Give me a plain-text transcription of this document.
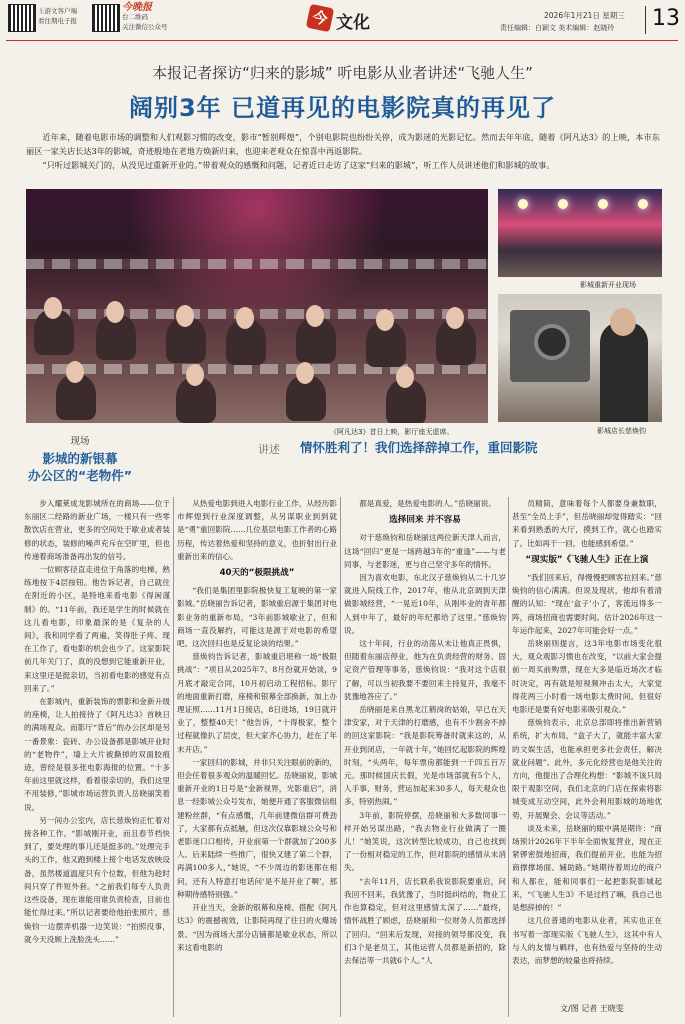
上游文客户端
看往期电子报
今晚报
台二维码
关注微信公众号	今 文化	2026年1月21日 星期三
责任编辑：白颖文 美术编辑：赵晓玲 13
本报记者探访“归来的影城” 听电影从业者讲述“飞驰人生”
阔别3年 已道再见的电影院真的再见了

近年来，随着电影市场的调整和人们观影习惯的改变，影市“暂别辉煌”，个别电影院也纷纷关停，成为影迷的光影记忆。然而去年年底，随着《阿凡达3》的上映，本市东丽区一家关店长达3年的影城，奇迹般地在老地方焕新归来，也迎来老观众在惊喜中再返影院。

“只听过影城关门的，从没见过重新开业的。”带着观众的感慨和问题，记者近日走访了这家“归来的影城”，听工作人员讲述他们和影城的故事。

影城重新开业现场
《阿凡达3》首日上映，影厅座无虚席。	影城店长慈焕钧
现场
影城的新银幕
办公区的“老物件”
讲述 情怀胜利了！我们选择辞掉工作，重回影院

步入耀莱成龙影城所在的商场——位于东丽区二经路的新业广场，一楼只有一些零散饮店在营业，更多的空间处于歇业或者装修的状态，装修的噪声充斥在空旷里，但也传递着商场准备再出发的信号。

一位顾客径直走进位于角落的电梯，熟练地按下4层按钮。他告诉记者，自己就住在附近的小区，是特地来看电影《得闲谨制》的。“11年前，我还是学生的时候就在这儿看电影，印象最深的是《复杂的人间》，我和同学看了两遍，笑得肚子疼。现在工作了，看电影的机会也少了。这家影院前几年关门了，真的没想到它能重新开业，来这里还是挺亲切，当初看电影的感觉有点回来了。”

在影城内，重新装饰的票影和金新升级的座椅，让人拍接待了《阿凡达3》首映日的满场观众。而影厅“背后”的办公区却是另一番景象：瓷砖、办公设备都是影城开业时的“老物件”，墙上大片被撕掉的双面胶痕迹，曾经是很多张电影海报的位置。“十多年前这里就这样，看着很亲切的，我们这里不用装修，”影城市场运营负责人岳晓丽笑着说。

另一间办公室内，店长慈焕钧正忙着对接各种工作。“影城刚开业，而且春节档快到了，要处理的事儿还是挺多的。”处理完手头的工作，他又跑到楼上接个电话发放映设备，虽然楼道温度只有个位数，但他为趁时间只穿了件短外套。“之前我们每专人负责这些设备，现在谁能用谁负责检查，目前也能忙得过来。”所以记者要给他拍张照片，慈焕钧一边摆弄机器一边笑说：“拍照没事，就今天没顾上洗脸洗头……”

从热爱电影到进入电影行业工作，从经历影市辉煌到行业深度调整，从另谋职业到到就是“勇”重回影院……几位基层电影工作者的心路历程，传达着热爱和坚持的意义，也折射出行业重新出来的信心。

40天的“极限挑战”

“我们是集团里影院极快复工复映的第一家影城。”岳晓丽告诉记者，影城重启源于集团对电影业务的重新布局，“3年前影城歇业了，但和商场一直没解约，可能这是源于对电影的希望吧。这次回归也是反复论谈的结果。”

慈焕钧告诉记者，影城重启堪称一场“极限挑战”：“项目从2025年7、8月份就开始谈，9月底才敲定合同，10月初启动工程招标。影厅的地面重新打磨，座椅和银幕全部换新，加上办理证照……11月1日接店，8日进场，19日就开业了，整整40天！”他告诉，“十得极家，整个过程就像扒了层皮，但大家齐心协力，赶在了年末开店。”

一家回归的影城，并非只关注眼前的新的，但会任着很多观众的温暖回忆。岳晓丽说，影城重新开业的1日号是“金新视界，光影重启”，消息一经影城公众号发布，她便开通了客服微信组建粉丝群，“有点感慨，几年前建微信群可费劲了，大家都有点抵触，但这次仅靠影城公众号和老影迷口口相传，开业前第一个群就加了200多人。后来陆续一些推广，很快又建了第二个群，再满100多人，”她说，“不少周边的影迷都在相问，还有人特意打电话问‘是不是开业了啊’，那种期待感特别强。”

开业当天，金新的银幕和座椅、搭配《阿凡达3》的震撼视效，让影院再现了往日的火爆场景。“因为商场大部分店铺都是歇业状态，所以来这看电影的

都是真爱，是热爱电影的人。”岳晓丽说。

选择回来 并不容易

对于慈焕钧和岳晓丽这两位新天津人而言，这场“回归”更是一场跨越3年的“重逢”——与老同事，与老影迷，更与自己坚守多年的情怀。

因为喜欢电影，东北汉子慈焕钧从二十几岁就进入院线工作，2017年，他从北京调到天津做影城经营，“一晃近10年，从刚毕业的青年都人到中年了，最好的年纪都给了这里。”慈焕钧说。

这十年间，行业的动荡从未让他真正畏惧，但随着东丽店停业，他为在负责经营的财务、固定资产管理等事务，慈焕钧说：“我对这个店很了解，可以当初我要不要回来主持复开，我毫不犹豫地答应了。”

岳晓丽是来自黑龙江鹤岗的姑娘，早已在天津安家，对于天津的打磨感，也有不少割舍不掉的回这家影院：“我是影院筹备时就来这的，从开业到闭店，一年就十年，”她回忆起影院的辉煌时刻，“头两年，每年票房都能到一千四五百万元。那时候国庆长假，光是市场部就有5个人，人手事、财务，营运加起来30多人，每天观众也多，特别热闹。”

3年前，影院停摆，岳晓丽和大多数同事一样开始另谋出路，“我去物业行业做满了一圈儿！”她笑说，这次转型比较成功，自己也找到了一份相对稳定的工作，但对影院的感情从未消失。

“去年11月，店长联系我说影院要重启，问我回不回来，我犹豫了，当时挺纠结的，物业工作也算稳定，但对这里感情太深了……”最终，情怀战胜了顾虑，岳晓丽和一位财务人员都选择了回归。“回来后发现，对接的领导都没变，我们3个是老员工，其他运营人员都是新招的，除去保洁等一共就6个人。”人

员精简，意味着每个人都要身兼数职，甚至“全员上手”，但岳晓丽却觉得踏实：“回来看到熟悉的大厅，摸到工作，就心也踏实了。比如再干一回，也能感到希望。”

“现实版”《飞驰人生》正在上演

“我们回来后，得慢慢把顾客拉回来。”慈焕钧的信心满满。但说及现状，他却有着清醒的认知：“现在‘盒子’小了，客流远得多一阵，商场招商也需要时间。估计2026年这一年运作起来，2027年可能会好一点。”

岳晓丽则提言，这3年电影市场变化很大，观众观影习惯也在改变，“以前大家会提前一周买前购票，现在大多是临近场次才临时决定，再有就是短视频冲击太大，大家觉得花两三小时看一场电影太费时间。但很好电影还是要有好电影来吸引观众。”

慈焕钧表示，北京总部即将推出新营销系统，扩大布局，“盒子大了，就能丰富大家的文娱生活，也能承担更多社会责任，解决就业问题”。此外，多元化经营也是他关注的方向，他提出了合理化构想：“影城不该只局限于观影空间，我们北京的门店在探索将影城变成互动空间，此外会利用影城的场地优势，开展聚会、会议等活动。”

谈及未来，岳晓丽的眼中满是期许：“商场预计2026年下半年全面恢复营业，现在正紧锣密鼓地招商，我们提前开业，也能为招商撑撑场面、辅助路。”她期待着周边的商户和人都在，能和同事们一起把影院影城起来，“《飞驰人生3》不是过档了嘛，我自己也是想辞掉的！”

这几位普通的电影从业者，其实也正在书写着一部现实版《飞驰人生》，这其中有人与人的友情与羁绊，也有热爱与坚持的生动表达，而梦想的较量也将持续。

文/图 记者 王晓雯
